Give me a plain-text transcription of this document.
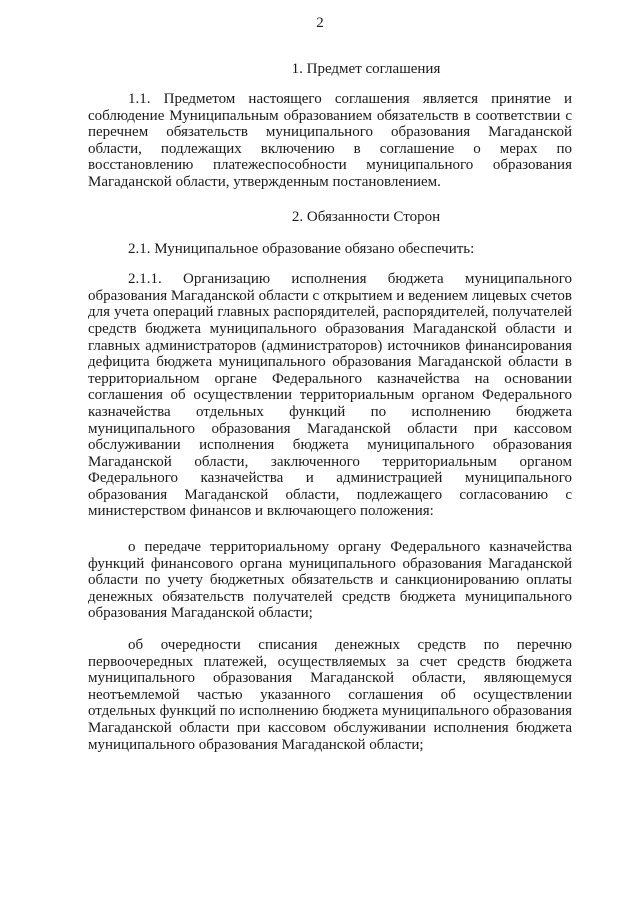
2
1. Предмет соглашения

1.1. Предметом настоящего соглашения является принятие и соблюдение Муниципальным образованием обязательств в соответствии с перечнем обязательств муниципального образования Магаданской области, подлежащих включению в соглашение о мерах по восстановлению платежеспособности муниципального образования Магаданской области, утвержденным постановлением.

2. Обязанности Сторон

2.1. Муниципальное образование обязано обеспечить:

2.1.1. Организацию исполнения бюджета муниципального образования Магаданской области с открытием и ведением лицевых счетов для учета операций главных распорядителей, распорядителей, получателей средств бюджета муниципального образования Магаданской области и главных администраторов (администраторов) источников финансирования дефицита бюджета муниципального образования Магаданской области в территориальном органе Федерального казначейства на основании соглашения об осуществлении территориальным органом Федерального казначейства отдельных функций по исполнению бюджета муниципального образования Магаданской области при кассовом обслуживании исполнения бюджета муниципального образования Магаданской области, заключенного территориальным органом Федерального казначейства и администрацией муниципального образования Магаданской области, подлежащего согласованию с министерством финансов и включающего положения:

о передаче территориальному органу Федерального казначейства функций финансового органа муниципального образования Магаданской области по учету бюджетных обязательств и санкционированию оплаты денежных обязательств получателей средств бюджета муниципального образования Магаданской области;

об очередности списания денежных средств по перечню первоочередных платежей, осуществляемых за счет средств бюджета муниципального образования Магаданской области, являющемуся неотъемлемой частью указанного соглашения об осуществлении отдельных функций по исполнению бюджета муниципального образования Магаданской области при кассовом обслуживании исполнения бюджета муниципального образования Магаданской области;
